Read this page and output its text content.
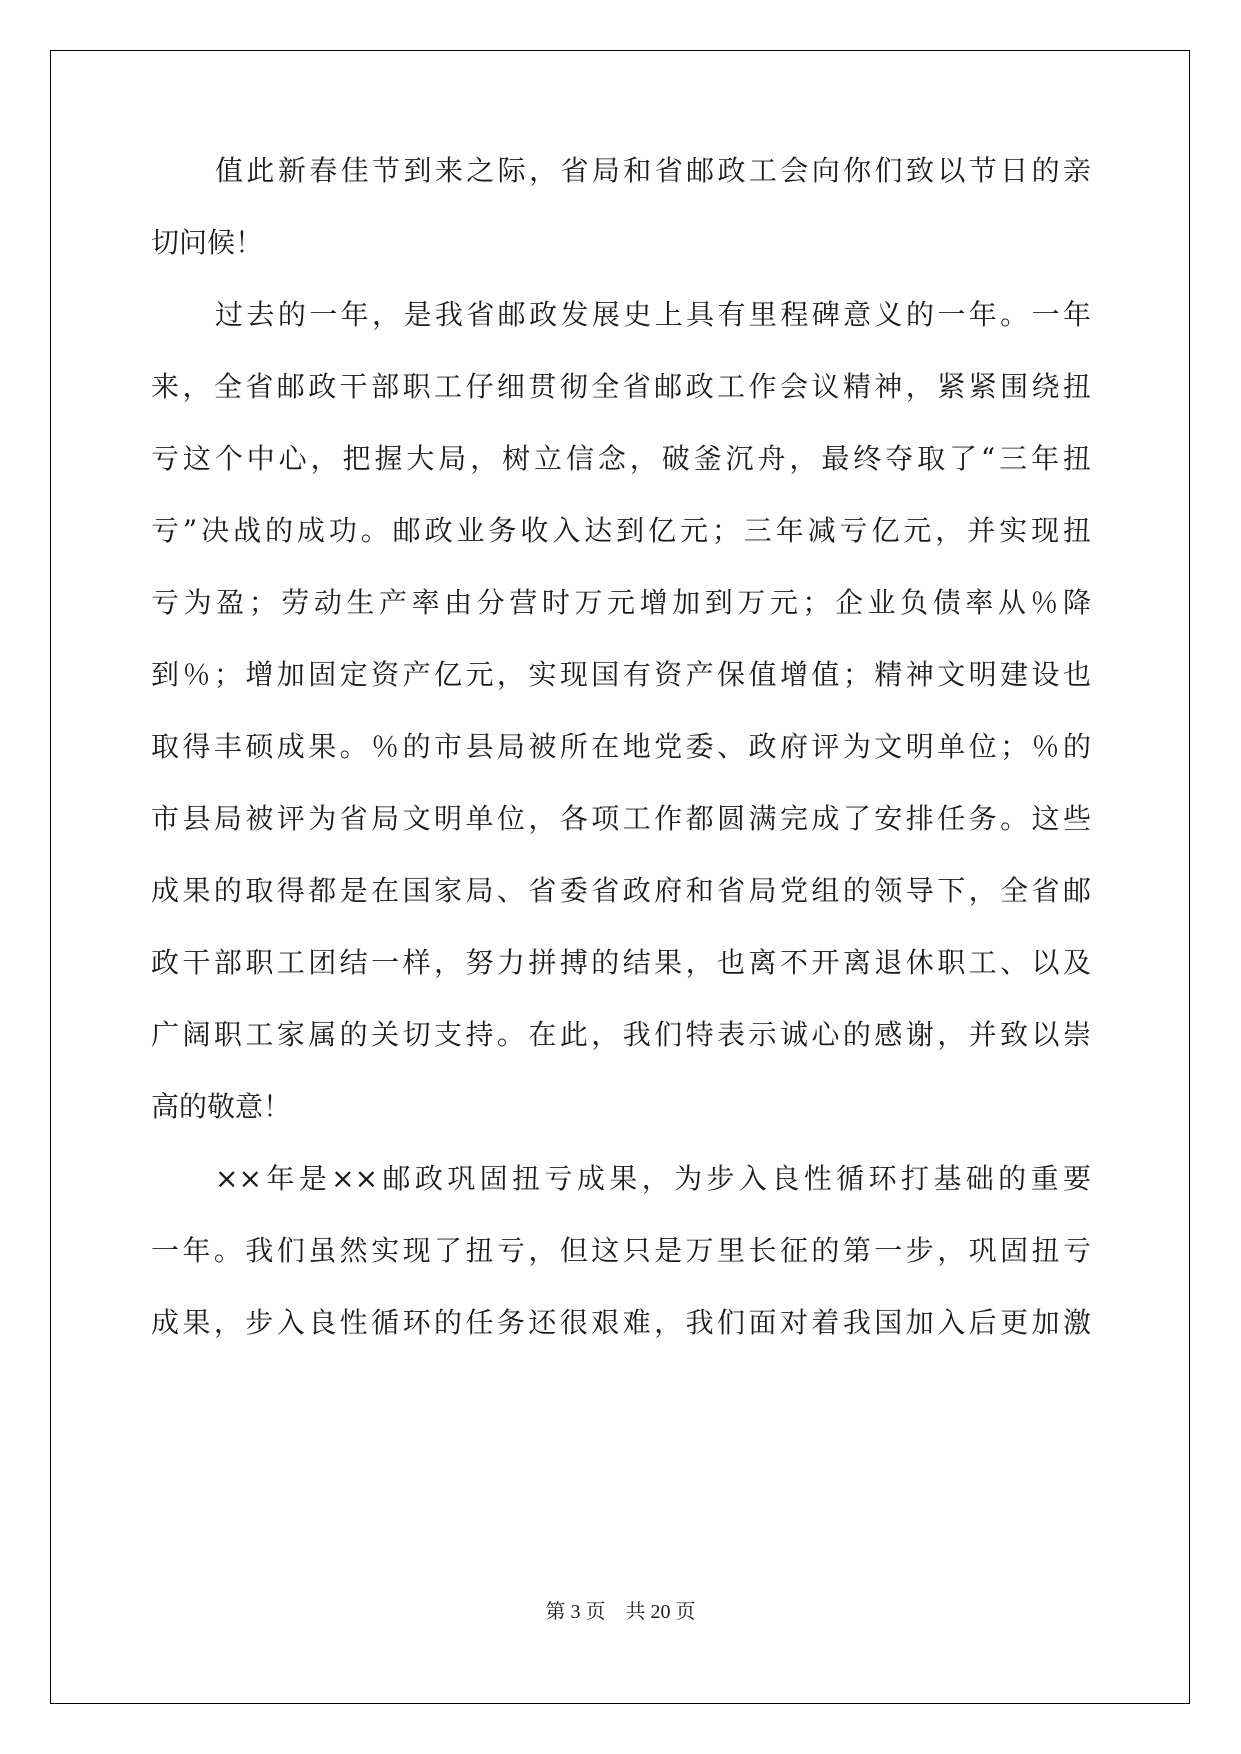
值此新春佳节到来之际，省局和省邮政工会向你们致以节日的亲

切问候！

过去的一年，是我省邮政发展史上具有里程碑意义的一年。一年

来，全省邮政干部职工仔细贯彻全省邮政工作会议精神，紧紧围绕扭

亏这个中心，把握大局，树立信念，破釜沉舟，最终夺取了“三年扭

亏”决战的成功。邮政业务收入达到亿元；三年减亏亿元，并实现扭

亏为盈；劳动生产率由分营时万元增加到万元；企业负债率从％降

到％；增加固定资产亿元，实现国有资产保值增值；精神文明建设也

取得丰硕成果。％的市县局被所在地党委、政府评为文明单位；％的

市县局被评为省局文明单位，各项工作都圆满完成了安排任务。这些

成果的取得都是在国家局、省委省政府和省局党组的领导下，全省邮

政干部职工团结一样，努力拼搏的结果，也离不开离退休职工、以及

广阔职工家属的关切支持。在此，我们特表示诚心的感谢，并致以崇

高的敬意！

××年是××邮政巩固扭亏成果，为步入良性循环打基础的重要

一年。我们虽然实现了扭亏，但这只是万里长征的第一步，巩固扭亏

成果，步入良性循环的任务还很艰难，我们面对着我国加入后更加激

第 3 页　共 20 页
